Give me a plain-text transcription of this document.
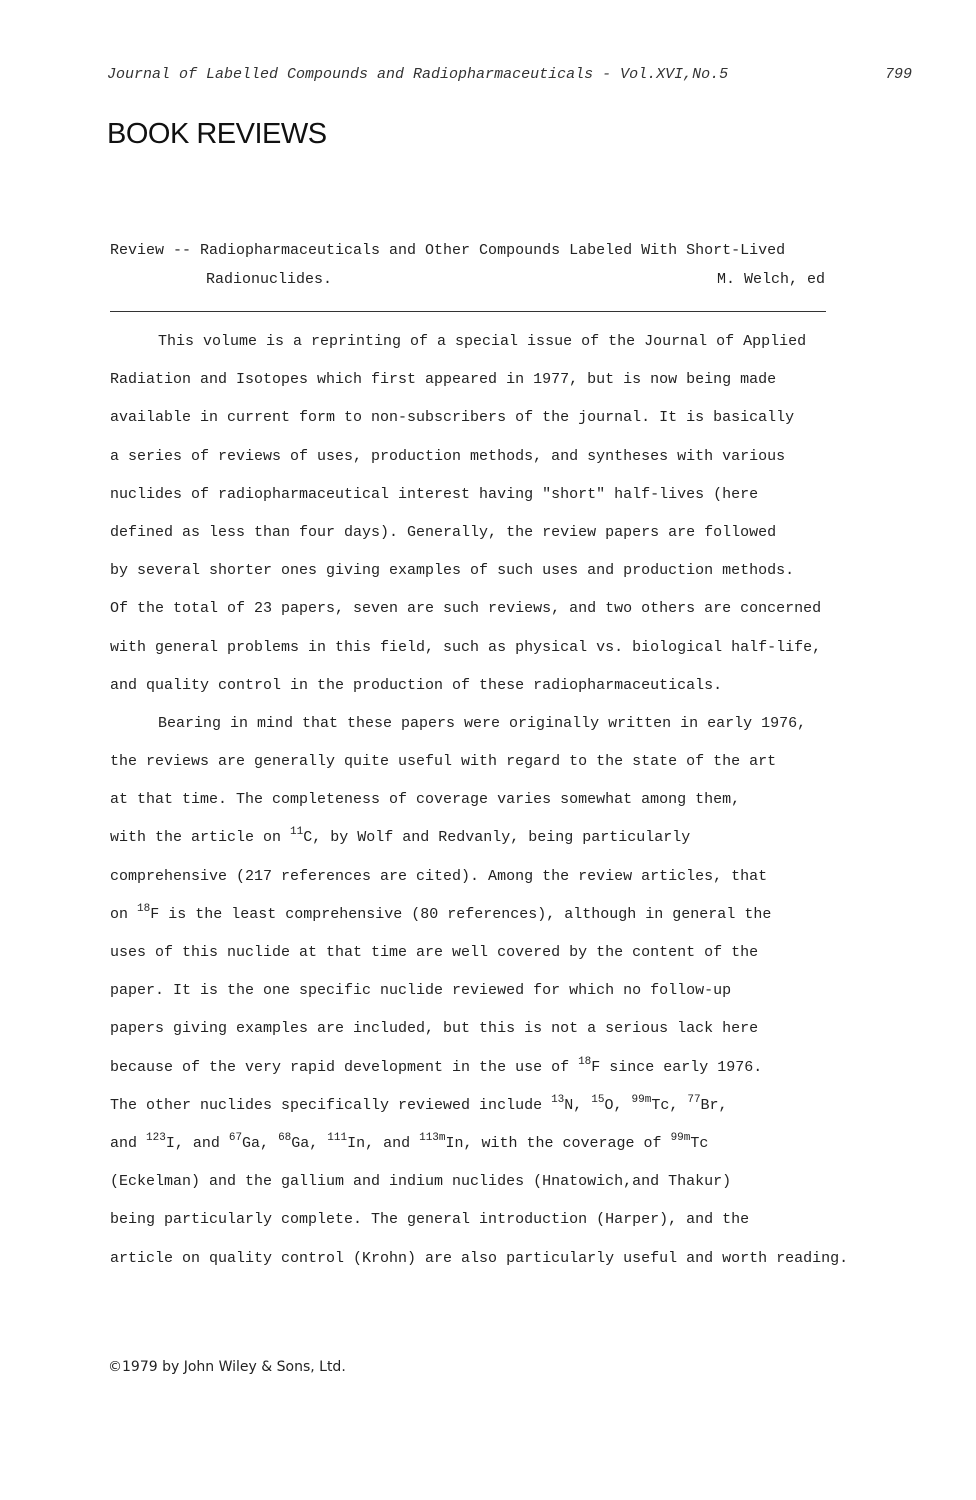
Journal of Labelled Compounds and Radiopharmaceuticals - Vol.XVI,No.5	799
BOOK REVIEWS
Review -- Radiopharmaceuticals and Other Compounds Labeled With Short-Lived
Radionuclides.	M. Welch, ed
This volume is a reprinting of a special issue of the Journal of Applied
Radiation and Isotopes which first appeared in 1977, but is now being made
available in current form to non-subscribers of the journal. It is basically
a series of reviews of uses, production methods, and syntheses with various
nuclides of radiopharmaceutical interest having "short" half-lives (here
defined as less than four days). Generally, the review papers are followed
by several shorter ones giving examples of such uses and production methods.
Of the total of 23 papers, seven are such reviews, and two others are concerned
with general problems in this field, such as physical vs. biological half-life,
and quality control in the production of these radiopharmaceuticals.
Bearing in mind that these papers were originally written in early 1976,
the reviews are generally quite useful with regard to the state of the art
at that time. The completeness of coverage varies somewhat among them,
with the article on $^{11}$C, by Wolf and Redvanly, being particularly
comprehensive (217 references are cited). Among the review articles, that
on $^{18}$F is the least comprehensive (80 references), although in general the
uses of this nuclide at that time are well covered by the content of the
paper. It is the one specific nuclide reviewed for which no follow-up
papers giving examples are included, but this is not a serious lack here
because of the very rapid development in the use of $^{18}$F since early 1976.
The other nuclides specifically reviewed include $^{13}$N, $^{15}$O, $^{99m}$Tc, $^{77}$Br,
and $^{123}$I, and $^{67}$Ga, $^{68}$Ga, $^{111}$In, and $^{113m}$In, with the coverage of $^{99m}$Tc
(Eckelman) and the gallium and indium nuclides (Hnatowich,and Thakur)
being particularly complete. The general introduction (Harper), and the
article on quality control (Krohn) are also particularly useful and worth reading.
©1979 by John Wiley & Sons, Ltd.
